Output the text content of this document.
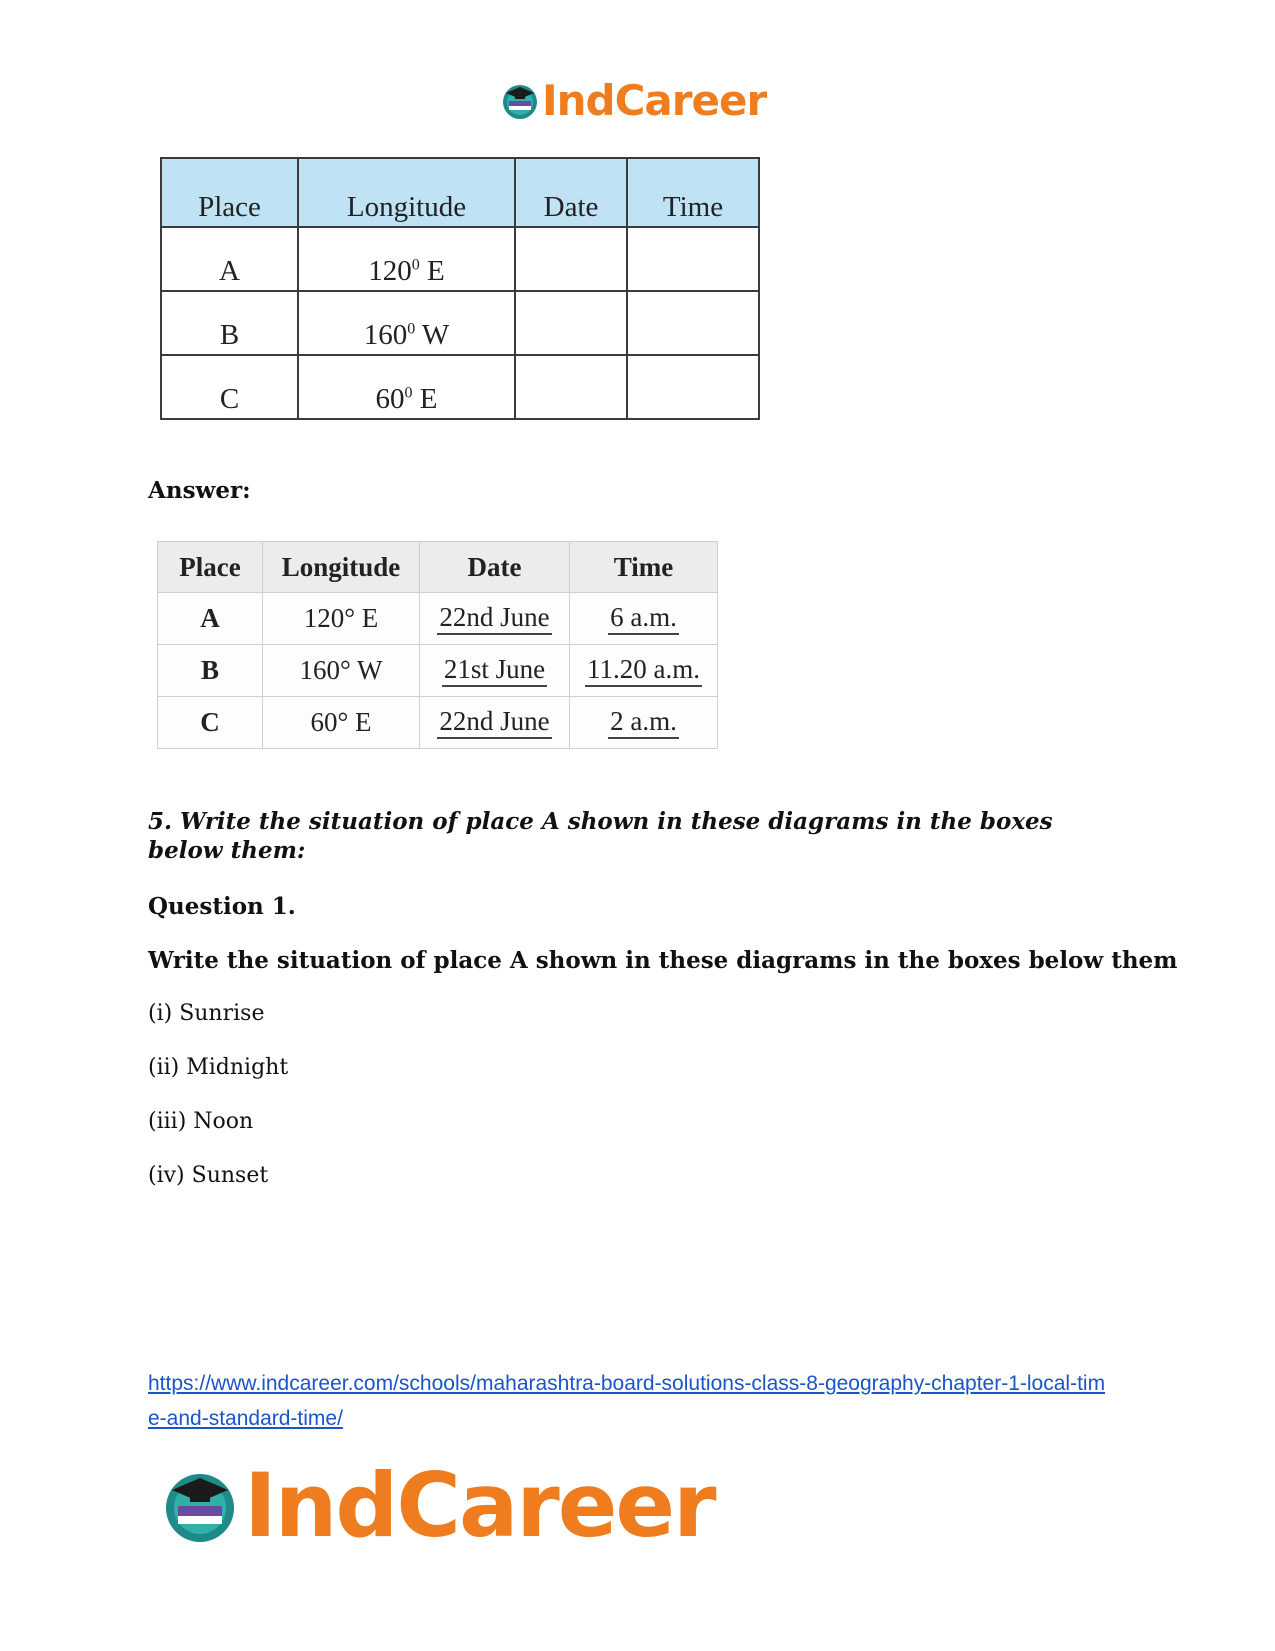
IndCareer
Place	Longitude	Date	Time
A	$120^0$ E		
B	$160^0$ W		
C	$60^0$ E		
Answer:
Place	Longitude	Date	Time
A	120° E	22nd June	6 a.m.
B	160° W	21st June	11.20 a.m.
C	60° E	22nd June	2 a.m.
5. Write the situation of place A shown in these diagrams in the boxes below them:
Question 1.
Write the situation of place A shown in these diagrams in the boxes below them
(i) Sunrise
(ii) Midnight
(iii) Noon
(iv) Sunset
https://www.indcareer.com/schools/maharashtra-board-solutions-class-8-geography-chapter-1-local-time-and-standard-time/
IndCareer
